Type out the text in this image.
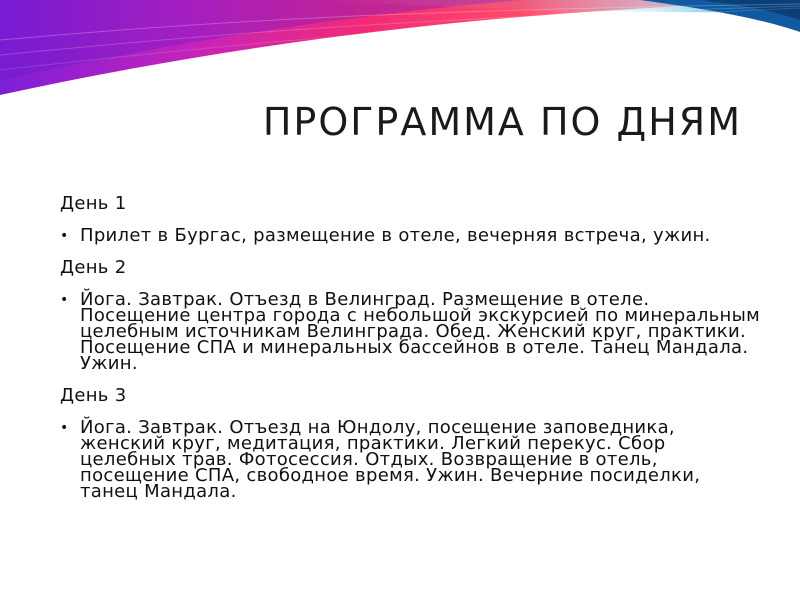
ПРОГРАММА ПО ДНЯМ
День 1
• Прилет в Бургас, размещение в отеле, вечерняя встреча, ужин.
День 2
• Йога. Завтрак. Отъезд в Велинград. Размещение в отеле. Посещение центра города с небольшой экскурсией по минеральным целебным источникам Велинграда. Обед. Женский круг, практики. Посещение СПА и минеральных бассейнов в отеле. Танец Мандала. Ужин.
День 3
• Йога. Завтрак. Отъезд на Юндолу, посещение заповедника, женский круг, медитация, практики. Легкий перекус. Сбор целебных трав. Фотосессия. Отдых. Возвращение в отель, посещение СПА, свободное время. Ужин. Вечерние посиделки, танец Мандала.
